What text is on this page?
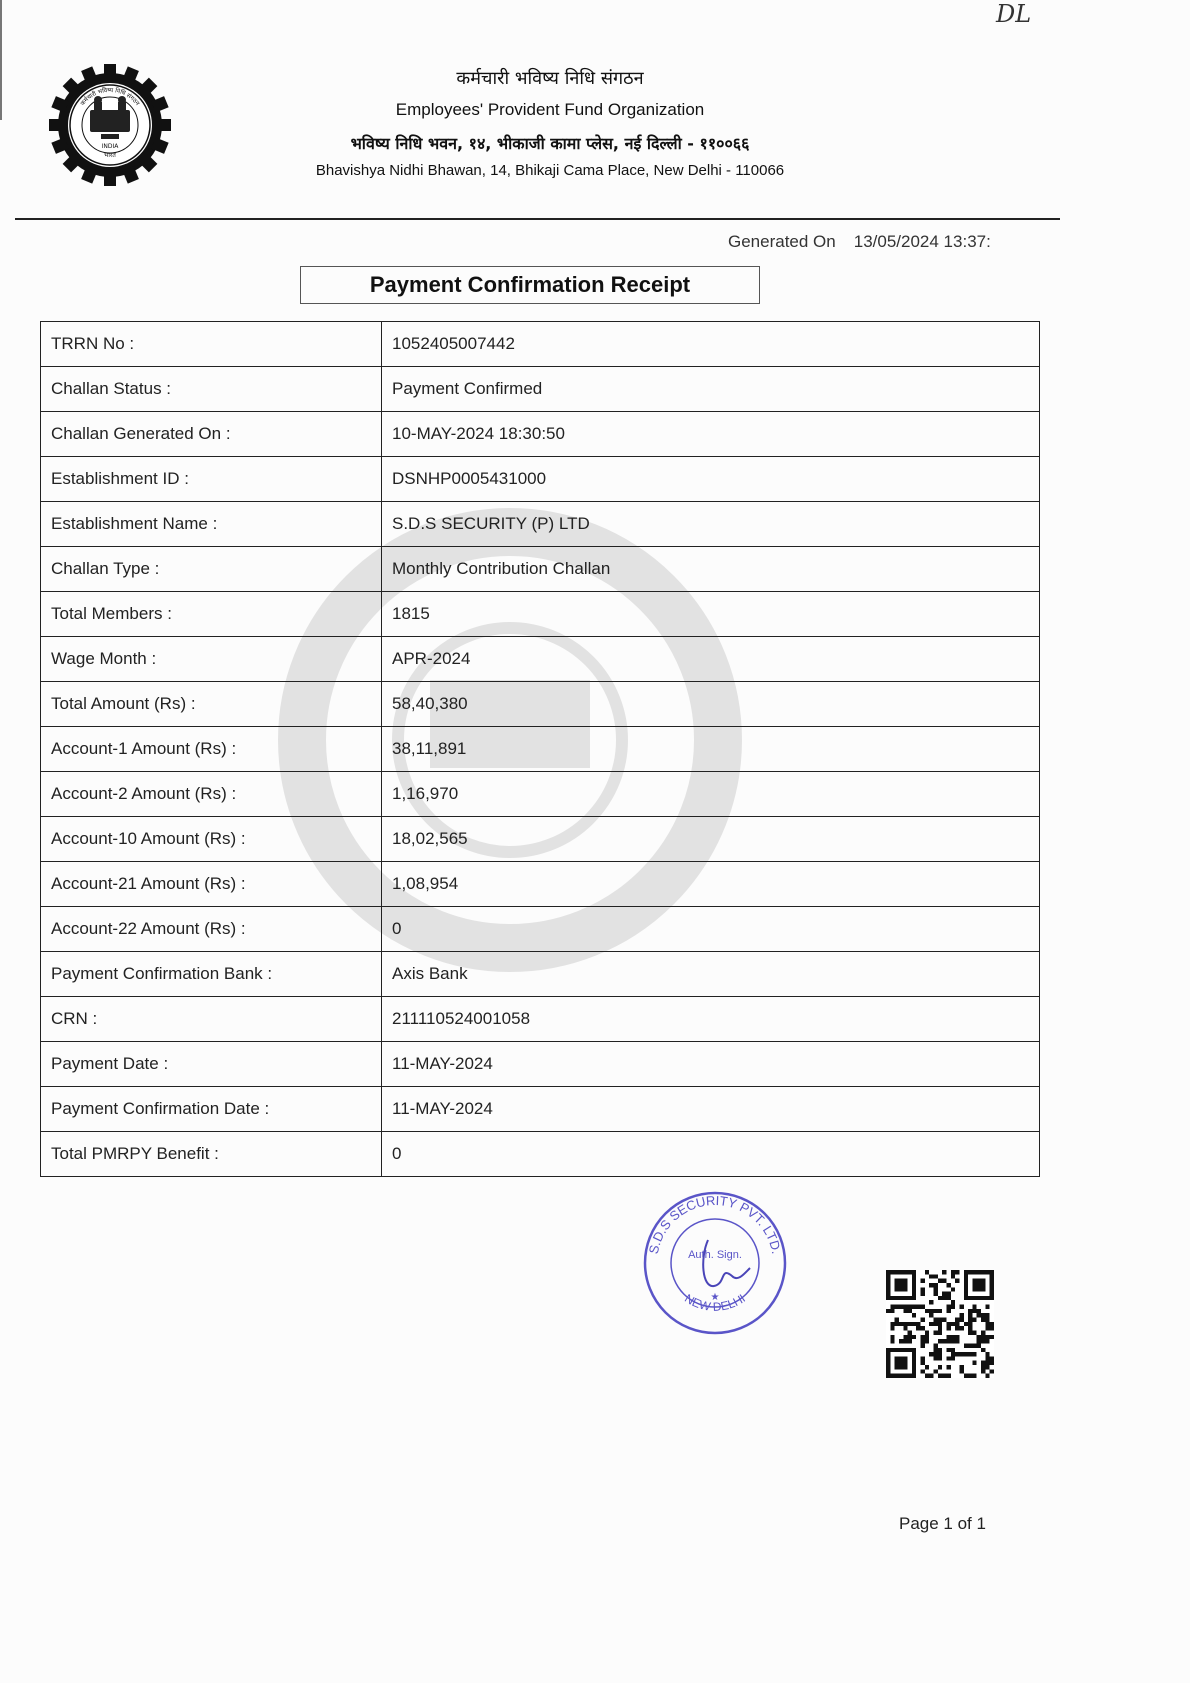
INDIA
भारत
कर्मचारी भविष्य निधि संगठन
कर्मचारी भविष्य निधि संगठन
Employees' Provident Fund Organization
भविष्य निधि भवन, १४, भीकाजी कामा प्लेस, नई दिल्ली - ११००६६
Bhavishya Nidhi Bhawan, 14, Bhikaji Cama Place, New Delhi - 110066
Generated On 13/05/2024 13:37:
Payment Confirmation Receipt
TRRN No :	1052405007442
Challan Status :	Payment Confirmed
Challan Generated On :	10-MAY-2024 18:30:50
Establishment ID :	DSNHP0005431000
Establishment Name :	S.D.S SECURITY (P) LTD
Challan Type :	Monthly Contribution Challan
Total Members :	1815
Wage Month :	APR-2024
Total Amount (Rs) :	58,40,380
Account-1 Amount (Rs) :	38,11,891
Account-2 Amount (Rs) :	1,16,970
Account-10 Amount (Rs) :	18,02,565
Account-21 Amount (Rs) :	1,08,954
Account-22 Amount (Rs) :	0
Payment Confirmation Bank :	Axis Bank
CRN :	211110524001058
Payment Date :	11-MAY-2024
Payment Confirmation Date :	11-MAY-2024
Total PMRPY Benefit :	0
S.D.S SECURITY PVT. LTD.
NEW DELHI
Auth. Sign.
★
Page 1 of 1
DL
